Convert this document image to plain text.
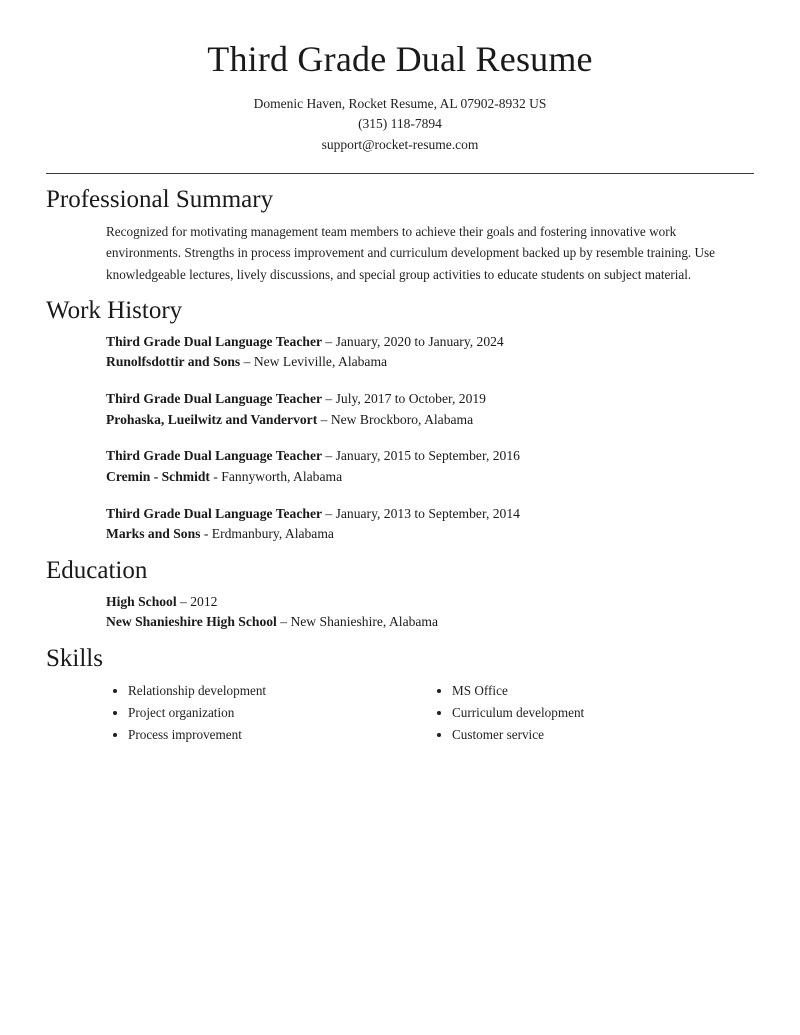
Third Grade Dual Resume
Domenic Haven, Rocket Resume, AL 07902-8932 US
(315) 118-7894
support@rocket-resume.com
Professional Summary

Recognized for motivating management team members to achieve their goals and fostering innovative work environments. Strengths in process improvement and curriculum development backed up by resemble training. Use knowledgeable lectures, lively discussions, and special group activities to educate students on subject material.

Work History
Third Grade Dual Language Teacher – January, 2020 to January, 2024
Runolfsdottir and Sons – New Leviville, Alabama
Third Grade Dual Language Teacher – July, 2017 to October, 2019
Prohaska, Lueilwitz and Vandervort – New Brockboro, Alabama
Third Grade Dual Language Teacher – January, 2015 to September, 2016
Cremin - Schmidt - Fannyworth, Alabama
Third Grade Dual Language Teacher – January, 2013 to September, 2014
Marks and Sons - Erdmanbury, Alabama
Education
High School – 2012
New Shanieshire High School – New Shanieshire, Alabama
Skills
• Relationship development
• Project organization
• Process improvement
• MS Office
• Curriculum development
• Customer service
